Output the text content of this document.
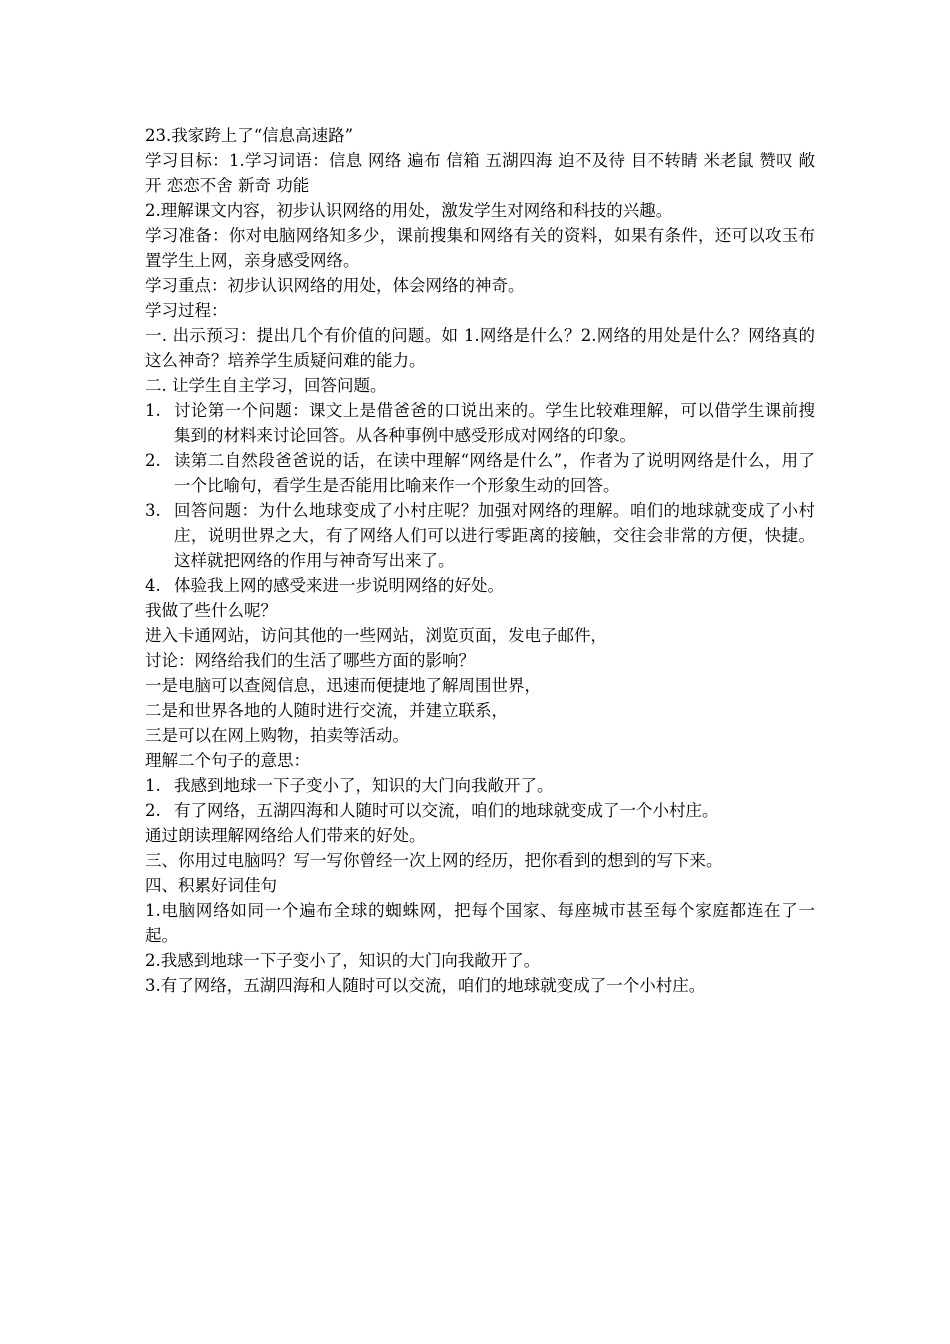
23.我家跨上了“信息高速路”

学习目标：1.学习词语：信息 网络 遍布 信箱 五湖四海 迫不及待 目不转睛 米老鼠 赞叹 敞开 恋恋不舍 新奇 功能

2.理解课文内容，初步认识网络的用处，激发学生对网络和科技的兴趣。

学习准备：你对电脑网络知多少，课前搜集和网络有关的资料，如果有条件，还可以攻玉布置学生上网，亲身感受网络。

学习重点：初步认识网络的用处，体会网络的神奇。

学习过程：

一. 出示预习：提出几个有价值的问题。如 1.网络是什么？2.网络的用处是什么？网络真的这么神奇？培养学生质疑问难的能力。

二. 让学生自主学习，回答问题。

1. 讨论第一个问题：课文上是借爸爸的口说出来的。学生比较难理解，可以借学生课前搜集到的材料来讨论回答。从各种事例中感受形成对网络的印象。

2. 读第二自然段爸爸说的话，在读中理解“网络是什么”，作者为了说明网络是什么，用了一个比喻句，看学生是否能用比喻来作一个形象生动的回答。

3. 回答问题：为什么地球变成了小村庄呢？加强对网络的理解。咱们的地球就变成了小村庄，说明世界之大，有了网络人们可以进行零距离的接触，交往会非常的方便，快捷。这样就把网络的作用与神奇写出来了。

4. 体验我上网的感受来进一步说明网络的好处。

我做了些什么呢？

进入卡通网站，访问其他的一些网站，浏览页面，发电子邮件，

讨论：网络给我们的生活了哪些方面的影响？

一是电脑可以查阅信息，迅速而便捷地了解周围世界，

二是和世界各地的人随时进行交流，并建立联系，

三是可以在网上购物，拍卖等活动。

理解二个句子的意思：

1. 我感到地球一下子变小了，知识的大门向我敞开了。

2. 有了网络，五湖四海和人随时可以交流，咱们的地球就变成了一个小村庄。

通过朗读理解网络给人们带来的好处。

三、你用过电脑吗？写一写你曾经一次上网的经历，把你看到的想到的写下来。

四、积累好词佳句

1.电脑网络如同一个遍布全球的蜘蛛网，把每个国家、每座城市甚至每个家庭都连在了一起。

2.我感到地球一下子变小了，知识的大门向我敞开了。

3.有了网络，五湖四海和人随时可以交流，咱们的地球就变成了一个小村庄。
